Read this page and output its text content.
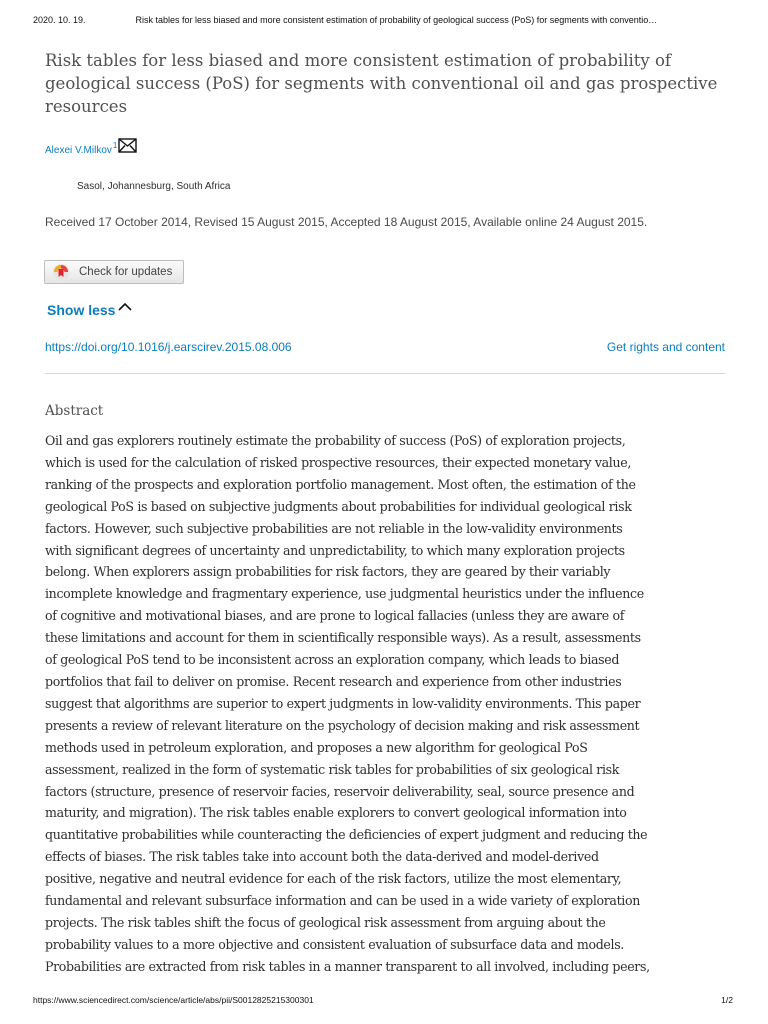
2020. 10. 19.	Risk tables for less biased and more consistent estimation of probability of geological success (PoS) for segments with conventio…
Risk tables for less biased and more consistent estimation of probability of
geological success (PoS) for segments with conventional oil and gas prospective
resources
Alexei V.Milkov 1
Sasol, Johannesburg, South Africa
Received 17 October 2014, Revised 15 August 2015, Accepted 18 August 2015, Available online 24 August 2015.
Check for updates
Show less
https://doi.org/10.1016/j.earscirev.2015.08.006	Get rights and content
Abstract

Oil and gas explorers routinely estimate the probability of success (PoS) of exploration projects,
which is used for the calculation of risked prospective resources, their expected monetary value,
ranking of the prospects and exploration portfolio management. Most often, the estimation of the
geological PoS is based on subjective judgments about probabilities for individual geological risk
factors. However, such subjective probabilities are not reliable in the low-validity environments
with significant degrees of uncertainty and unpredictability, to which many exploration projects
belong. When explorers assign probabilities for risk factors, they are geared by their variably
incomplete knowledge and fragmentary experience, use judgmental heuristics under the influence
of cognitive and motivational biases, and are prone to logical fallacies (unless they are aware of
these limitations and account for them in scientifically responsible ways). As a result, assessments
of geological PoS tend to be inconsistent across an exploration company, which leads to biased
portfolios that fail to deliver on promise. Recent research and experience from other industries
suggest that algorithms are superior to expert judgments in low-validity environments. This paper
presents a review of relevant literature on the psychology of decision making and risk assessment
methods used in petroleum exploration, and proposes a new algorithm for geological PoS
assessment, realized in the form of systematic risk tables for probabilities of six geological risk
factors (structure, presence of reservoir facies, reservoir deliverability, seal, source presence and
maturity, and migration). The risk tables enable explorers to convert geological information into
quantitative probabilities while counteracting the deficiencies of expert judgment and reducing the
effects of biases. The risk tables take into account both the data-derived and model-derived
positive, negative and neutral evidence for each of the risk factors, utilize the most elementary,
fundamental and relevant subsurface information and can be used in a wide variety of exploration
projects. The risk tables shift the focus of geological risk assessment from arguing about the
probability values to a more objective and consistent evaluation of subsurface data and models.
Probabilities are extracted from risk tables in a manner transparent to all involved, including peers,

https://www.sciencedirect.com/science/article/abs/pii/S0012825215300301	1/2
